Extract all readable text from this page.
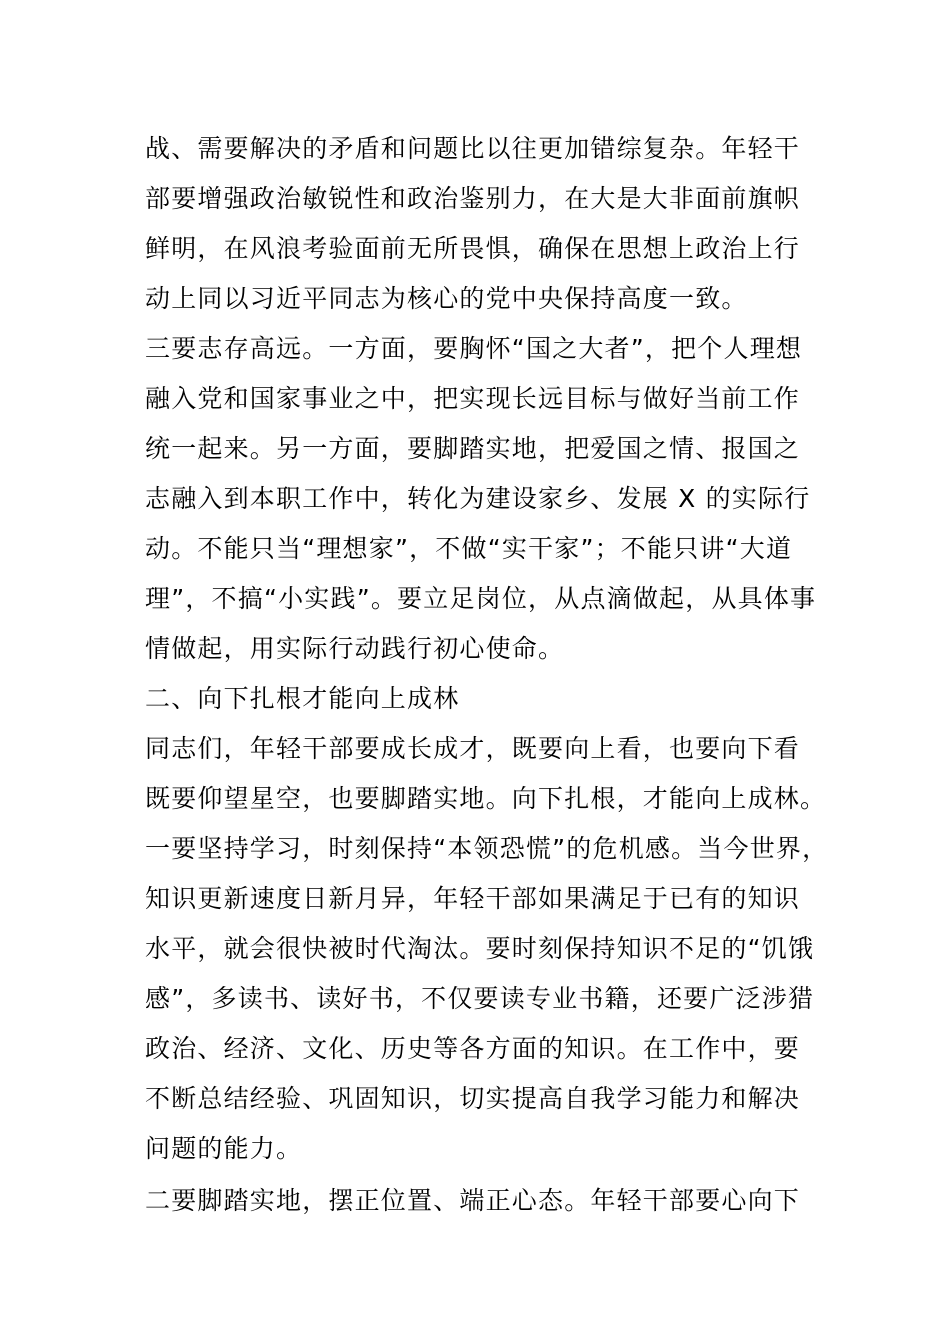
战、需要解决的矛盾和问题比以往更加错综复杂。年轻干
部要增强政治敏锐性和政治鉴别力，在大是大非面前旗帜
鲜明，在风浪考验面前无所畏惧，确保在思想上政治上行
动上同以习近平同志为核心的党中央保持高度一致。
三要志存高远。一方面，要胸怀“国之大者”，把个人理想
融入党和国家事业之中，把实现长远目标与做好当前工作
统一起来。另一方面，要脚踏实地，把爱国之情、报国之
志融入到本职工作中，转化为建设家乡、发展 X 的实际行
动。不能只当“理想家”，不做“实干家”；不能只讲“大道
理”，不搞“小实践”。要立足岗位，从点滴做起，从具体事
情做起，用实际行动践行初心使命。
二、向下扎根才能向上成林
同志们，年轻干部要成长成才，既要向上看，也要向下看
既要仰望星空，也要脚踏实地。向下扎根，才能向上成林。
一要坚持学习，时刻保持“本领恐慌”的危机感。当今世界，
知识更新速度日新月异，年轻干部如果满足于已有的知识
水平，就会很快被时代淘汰。要时刻保持知识不足的“饥饿
感”，多读书、读好书，不仅要读专业书籍，还要广泛涉猎
政治、经济、文化、历史等各方面的知识。在工作中，要
不断总结经验、巩固知识，切实提高自我学习能力和解决
问题的能力。
二要脚踏实地，摆正位置、端正心态。年轻干部要心向下
